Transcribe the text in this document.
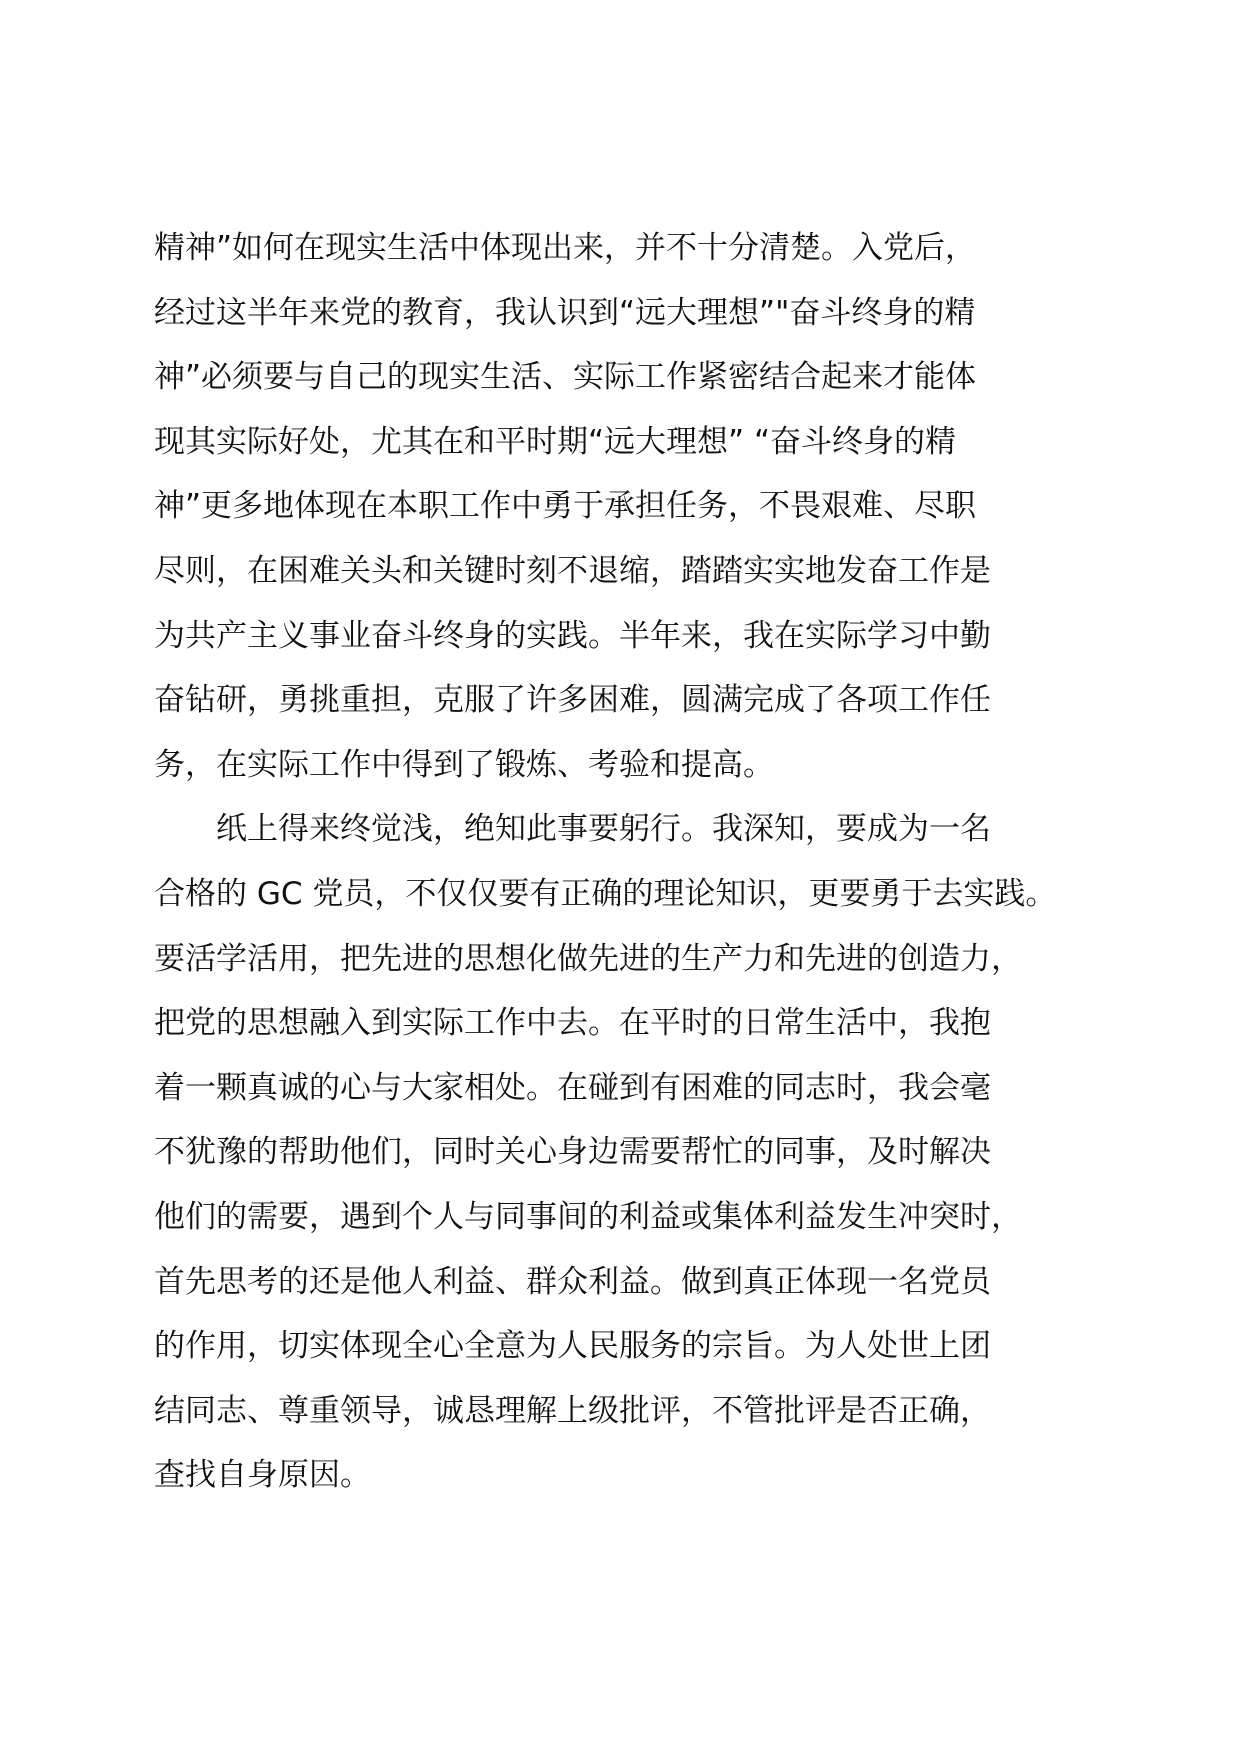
精神”如何在现实生活中体现出来，并不十分清楚。入党后，
经过这半年来党的教育，我认识到“远大理想”"奋斗终身的精
神”必须要与自己的现实生活、实际工作紧密结合起来才能体
现其实际好处，尤其在和平时期“远大理想” “奋斗终身的精
神”更多地体现在本职工作中勇于承担任务，不畏艰难、尽职
尽则，在困难关头和关键时刻不退缩，踏踏实实地发奋工作是
为共产主义事业奋斗终身的实践。半年来，我在实际学习中勤
奋钻研，勇挑重担，克服了许多困难，圆满完成了各项工作任
务，在实际工作中得到了锻炼、考验和提高。
纸上得来终觉浅，绝知此事要躬行。我深知，要成为一名
合格的 GC 党员，不仅仅要有正确的理论知识，更要勇于去实践。
要活学活用，把先进的思想化做先进的生产力和先进的创造力，
把党的思想融入到实际工作中去。在平时的日常生活中，我抱
着一颗真诚的心与大家相处。在碰到有困难的同志时，我会毫
不犹豫的帮助他们，同时关心身边需要帮忙的同事，及时解决
他们的需要，遇到个人与同事间的利益或集体利益发生冲突时，
首先思考的还是他人利益、群众利益。做到真正体现一名党员
的作用，切实体现全心全意为人民服务的宗旨。为人处世上团
结同志、尊重领导，诚恳理解上级批评，不管批评是否正确，
查找自身原因。
